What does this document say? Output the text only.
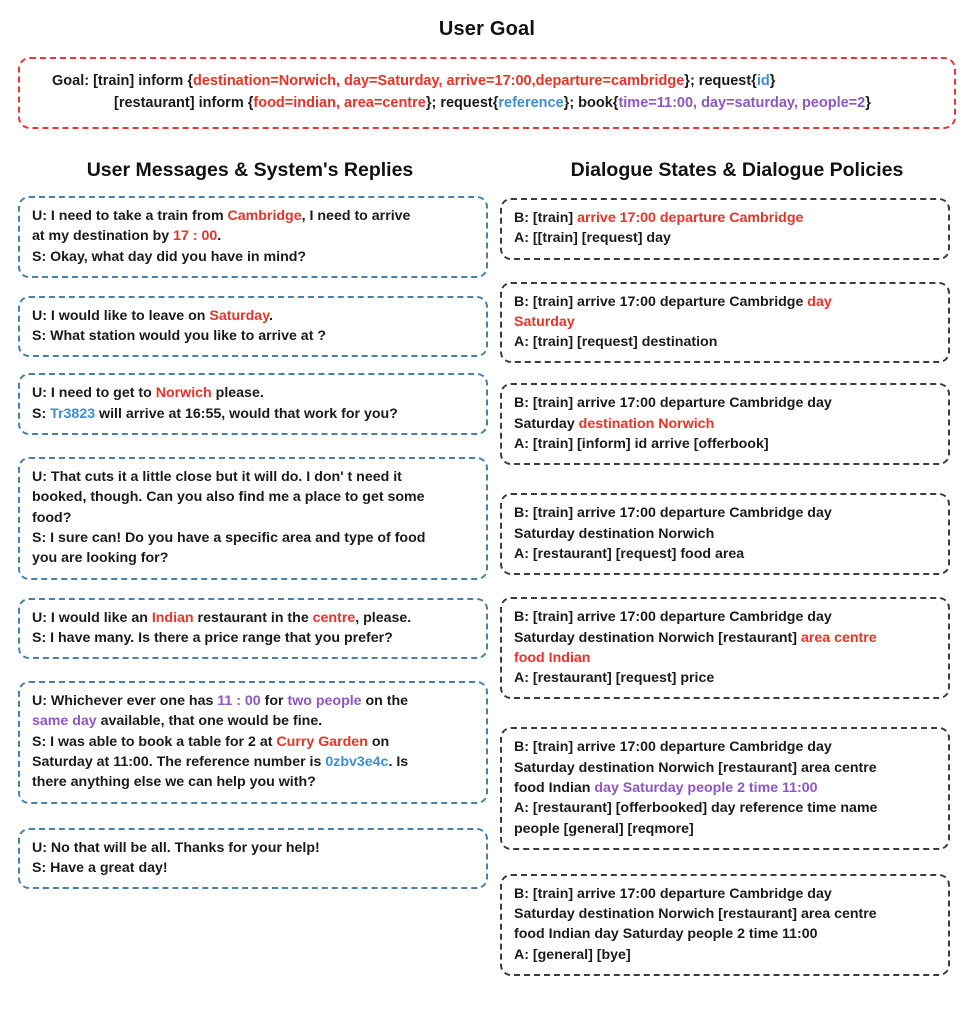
User Goal
Goal: [train] inform {destination=Norwich, day=Saturday, arrive=17:00,departure=cambridge}; request{id}
[restaurant] inform {food=indian, area=centre}; request{reference}; book{time=11:00, day=saturday, people=2}
User Messages & System's Replies	Dialogue States & Dialogue Policies
U: I need to take a train from Cambridge, I need to arrive
at my destination by 17 : 00.
S: Okay, what day did you have in mind?
U: I would like to leave on Saturday.
S: What station would you like to arrive at ?
U: I need to get to Norwich please.
S: Tr3823 will arrive at 16:55, would that work for you?
U: That cuts it a little close but it will do. I don' t need it
booked, though. Can you also find me a place to get some
food?
S: I sure can! Do you have a specific area and type of food
you are looking for?
U: I would like an Indian restaurant in the centre, please.
S: I have many. Is there a price range that you prefer?
U: Whichever ever one has 11 : 00 for two people on the
same day available, that one would be fine.
S: I was able to book a table for 2 at Curry Garden on
Saturday at 11:00. The reference number is 0zbv3e4c. Is
there anything else we can help you with?
U: No that will be all. Thanks for your help!
S: Have a great day!
B: [train] arrive 17:00 departure Cambridge
A: [[train] [request] day
B: [train] arrive 17:00 departure Cambridge day
Saturday
A: [train] [request] destination
B: [train] arrive 17:00 departure Cambridge day
Saturday destination Norwich
A: [train] [inform] id arrive [offerbook]
B: [train] arrive 17:00 departure Cambridge day
Saturday destination Norwich
A: [restaurant] [request] food area
B: [train] arrive 17:00 departure Cambridge day
Saturday destination Norwich [restaurant] area centre
food Indian
A: [restaurant] [request] price
B: [train] arrive 17:00 departure Cambridge day
Saturday destination Norwich [restaurant] area centre
food Indian day Saturday people 2 time 11:00
A: [restaurant] [offerbooked] day reference time name
people [general] [reqmore]
B: [train] arrive 17:00 departure Cambridge day
Saturday destination Norwich [restaurant] area centre
food Indian day Saturday people 2 time 11:00
A: [general] [bye]
